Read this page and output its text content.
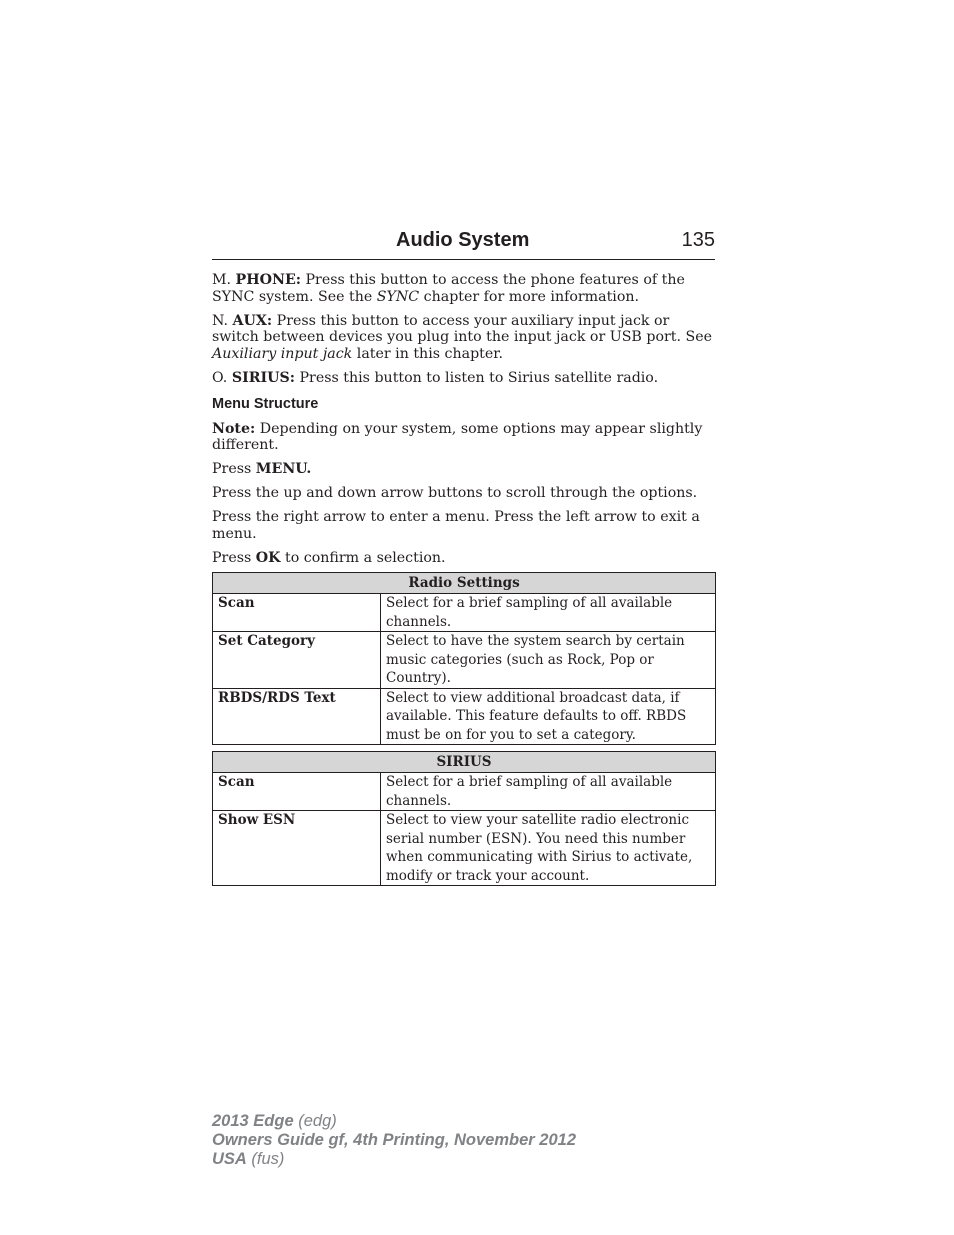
Audio System	135

M. PHONE: Press this button to access the phone features of the SYNC system. See the SYNC chapter for more information.

N. AUX: Press this button to access your auxiliary input jack or switch between devices you plug into the input jack or USB port. See Auxiliary input jack later in this chapter.

O. SIRIUS: Press this button to listen to Sirius satellite radio.

Menu Structure

Note: Depending on your system, some options may appear slightly different.

Press MENU.

Press the up and down arrow buttons to scroll through the options.

Press the right arrow to enter a menu. Press the left arrow to exit a menu.

Press OK to confirm a selection.

Radio Settings	
Scan	Select for a brief sampling of all available channels.
Set Category	Select to have the system search by certain music categories (such as Rock, Pop or Country).
RBDS/RDS Text	Select to view additional broadcast data, if available. This feature defaults to off. RBDS must be on for you to set a category.
SIRIUS	
Scan	Select for a brief sampling of all available channels.
Show ESN	Select to view your satellite radio electronic serial number (ESN). You need this number when communicating with Sirius to activate, modify or track your account.
2013 Edge (edg)
Owners Guide gf, 4th Printing, November 2012
USA (fus)
